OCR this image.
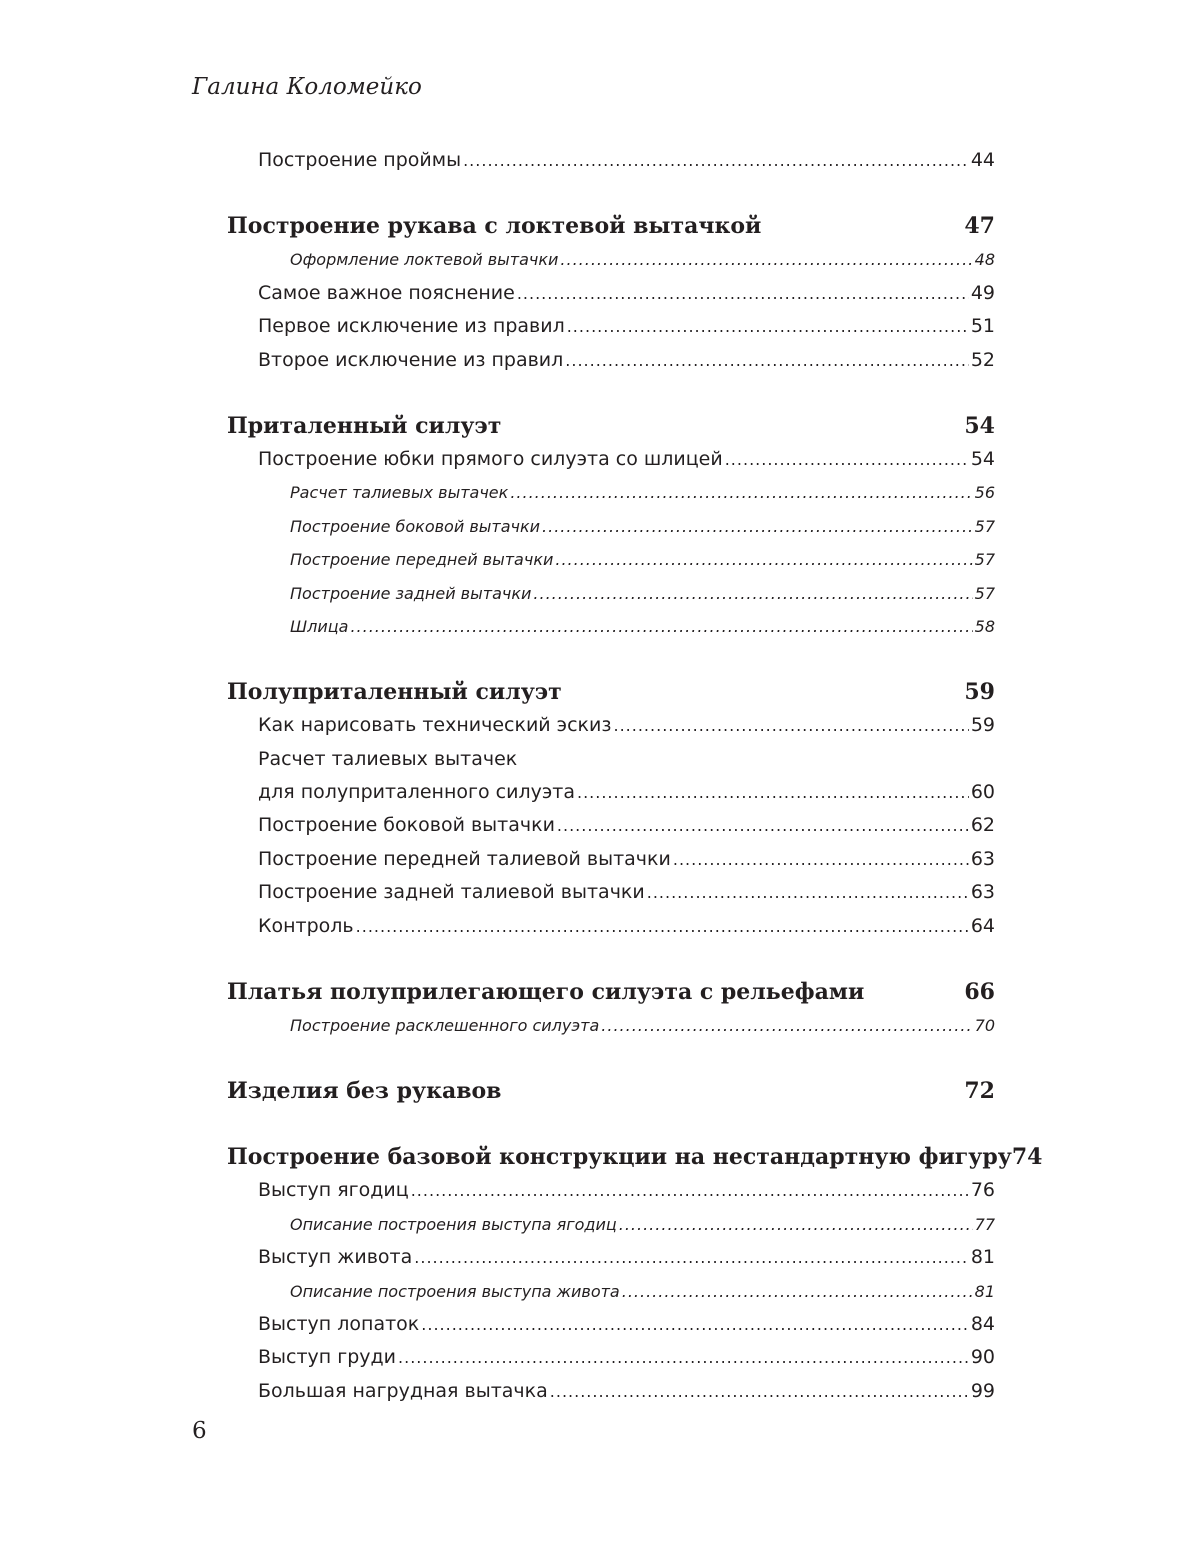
Галина Коломейко
Построение проймы .....	44
Построение рукава с локтевой вытачкой	47
Оформление локтевой вытачки .....	48
Самое важное пояснение .....	49
Первое исключение из правил .....	51
Второе исключение из правил .....	52
Приталенный силуэт	54
Построение юбки прямого силуэта со шлицей .....	54
Расчет талиевых вытачек .....	56
Построение боковой вытачки .....	57
Построение передней вытачки .....	57
Построение задней вытачки .....	57
Шлица .....	58
Полуприталенный силуэт	59
Как нарисовать технический эскиз .....	59
Расчет талиевых вытачек
для полуприталенного силуэта .....	60
Построение боковой вытачки .....	62
Построение передней талиевой вытачки .....	63
Построение задней талиевой вытачки .....	63
Контроль .....	64
Платья полуприлегающего силуэта с рельефами	66
Построение расклешенного силуэта .....	70
Изделия без рукавов	72
Построение базовой конструкции на нестандартную фигуру 74
Выступ ягодиц .....	76
Описание построения выступа ягодиц .....	77
Выступ живота .....	81
Описание построения выступа живота .....	81
Выступ лопаток .....	84
Выступ груди .....	90
Большая нагрудная вытачка .....	99
6
